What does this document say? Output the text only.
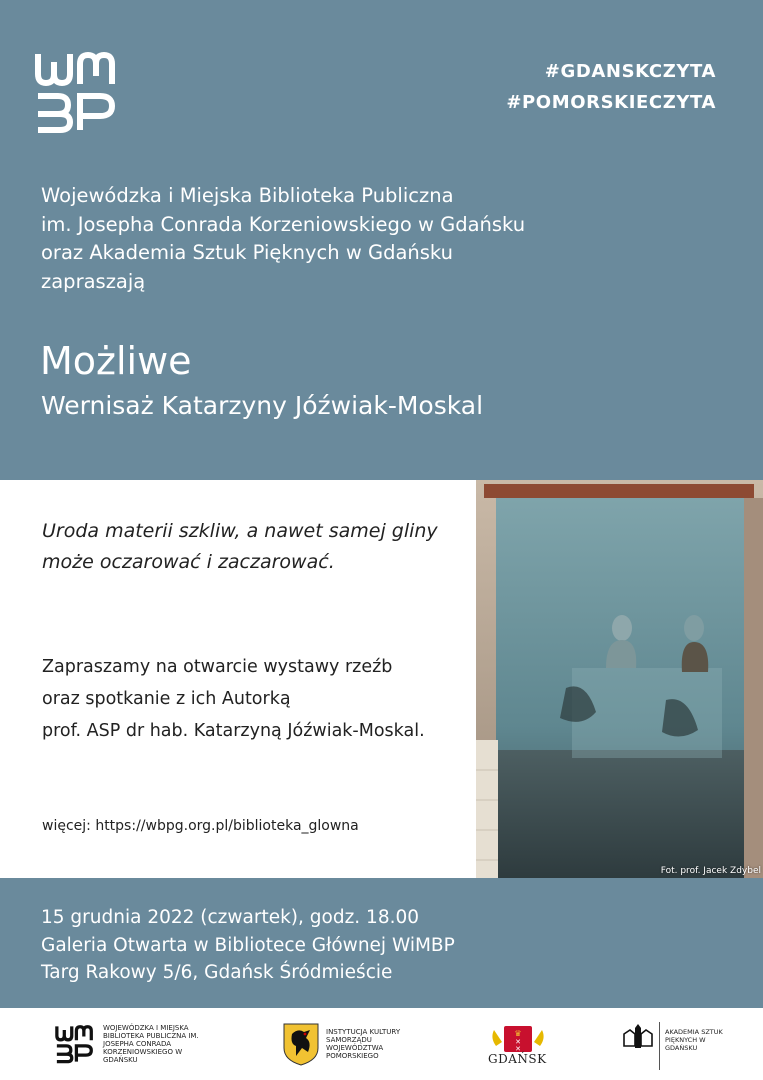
#GDANSKCZYTA
#POMORSKIECZYTA
Wojewódzka i Miejska Biblioteka Publiczna
im. Josepha Conrada Korzeniowskiego w Gdańsku
oraz Akademia Sztuk Pięknych w Gdańsku
zapraszają
Możliwe
Wernisaż Katarzyny Jóźwiak-Moskal
Uroda materii szkliw, a nawet samej gliny
może oczarować i zaczarować.
Zapraszamy na otwarcie wystawy rzeźb
oraz spotkanie z ich Autorką
prof. ASP dr hab. Katarzyną Jóźwiak-Moskal.
więcej: https://wbpg.org.pl/biblioteka_glowna
Fot. prof. Jacek Zdybel
15 grudnia 2022 (czwartek), godz. 18.00
Galeria Otwarta w Bibliotece Głównej WiMBP
Targ Rakowy 5/6, Gdańsk Śródmieście
WOJEWÓDZKA I MIEJSKA BIBLIOTEKA PUBLICZNA IM. JOSEPHA CONRADA KORZENIOWSKIEGO W GDAŃSKU
INSTYTUCJA KULTURY SAMORZĄDU WOJEWÓDZTWA POMORSKIEGO
♛
✕
✕
GDAŃSK
AKADEMIA SZTUK PIĘKNYCH W GDAŃSKU
